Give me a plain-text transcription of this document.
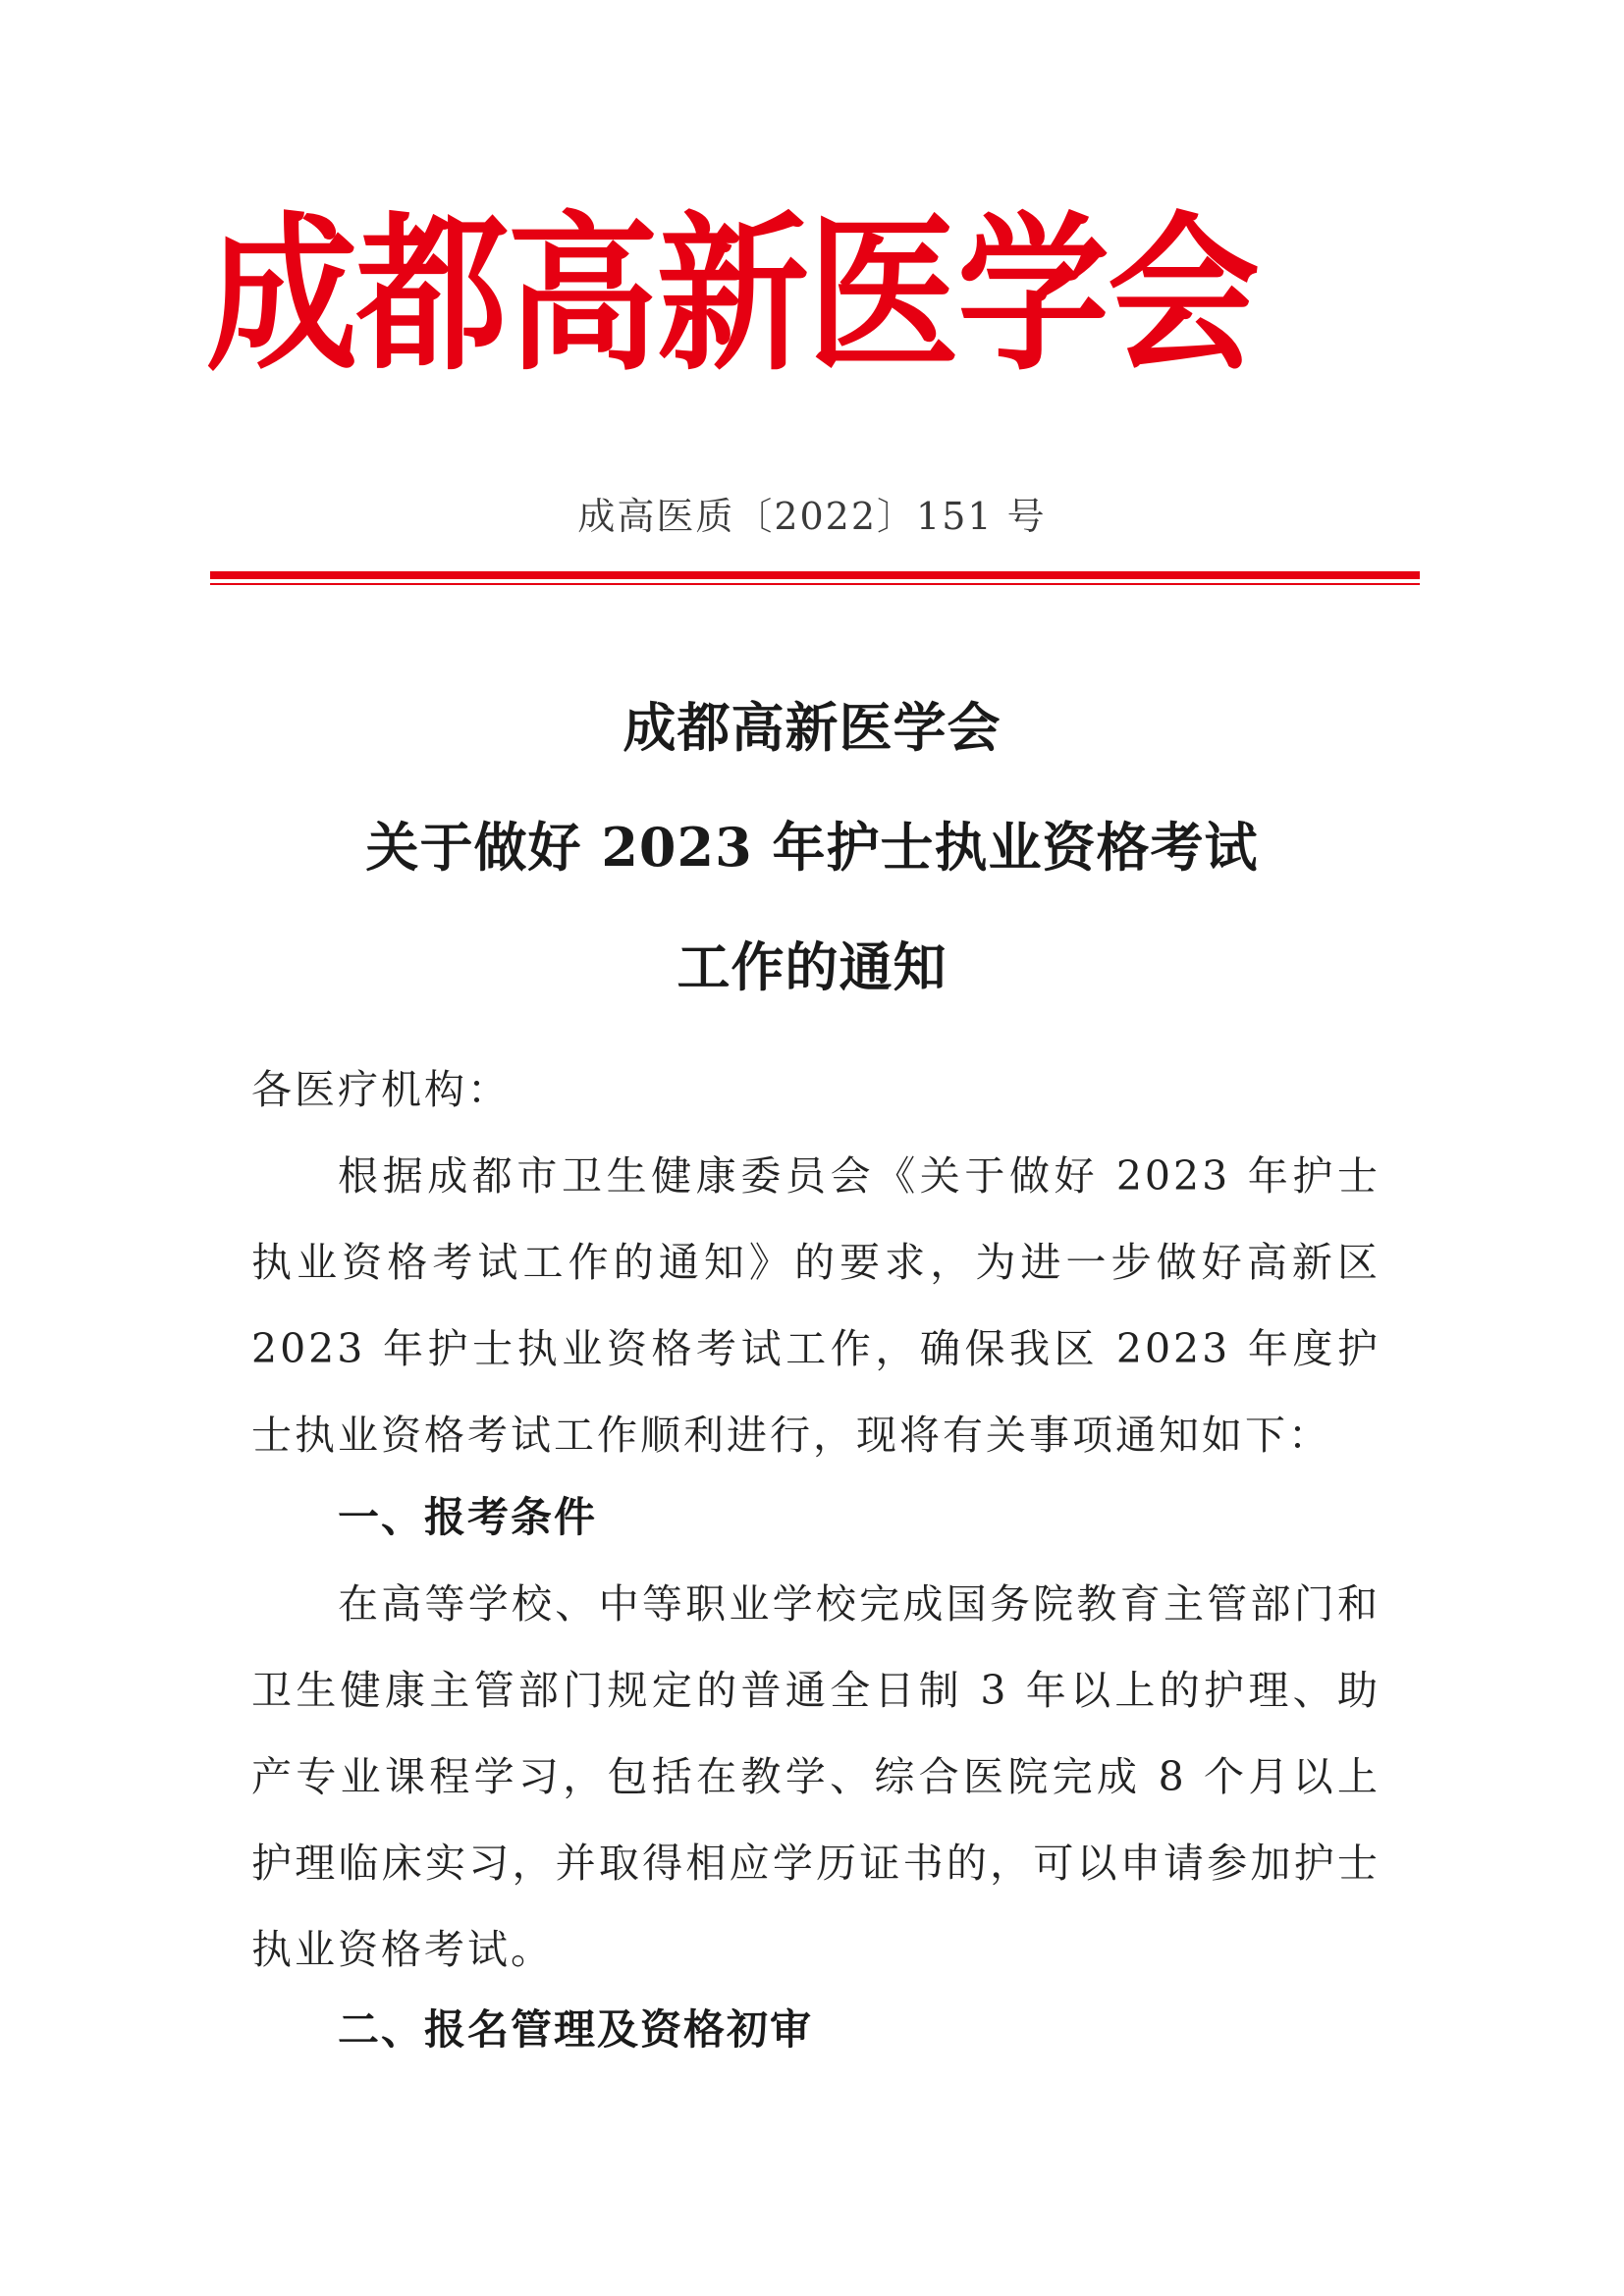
成都高新医学会
成高医质〔2022〕151 号
成都高新医学会
关于做好 2023 年护士执业资格考试
工作的通知
各医疗机构：
根据成都市卫生健康委员会《关于做好 2023 年护士执业资格考试工作的通知》的要求，为进一步做好高新区 2023 年护士执业资格考试工作，确保我区 2023 年度护士执业资格考试工作顺利进行，现将有关事项通知如下：
一、报考条件
在高等学校、中等职业学校完成国务院教育主管部门和卫生健康主管部门规定的普通全日制 3 年以上的护理、助产专业课程学习，包括在教学、综合医院完成 8 个月以上护理临床实习，并取得相应学历证书的，可以申请参加护士执业资格考试。
二、报名管理及资格初审
